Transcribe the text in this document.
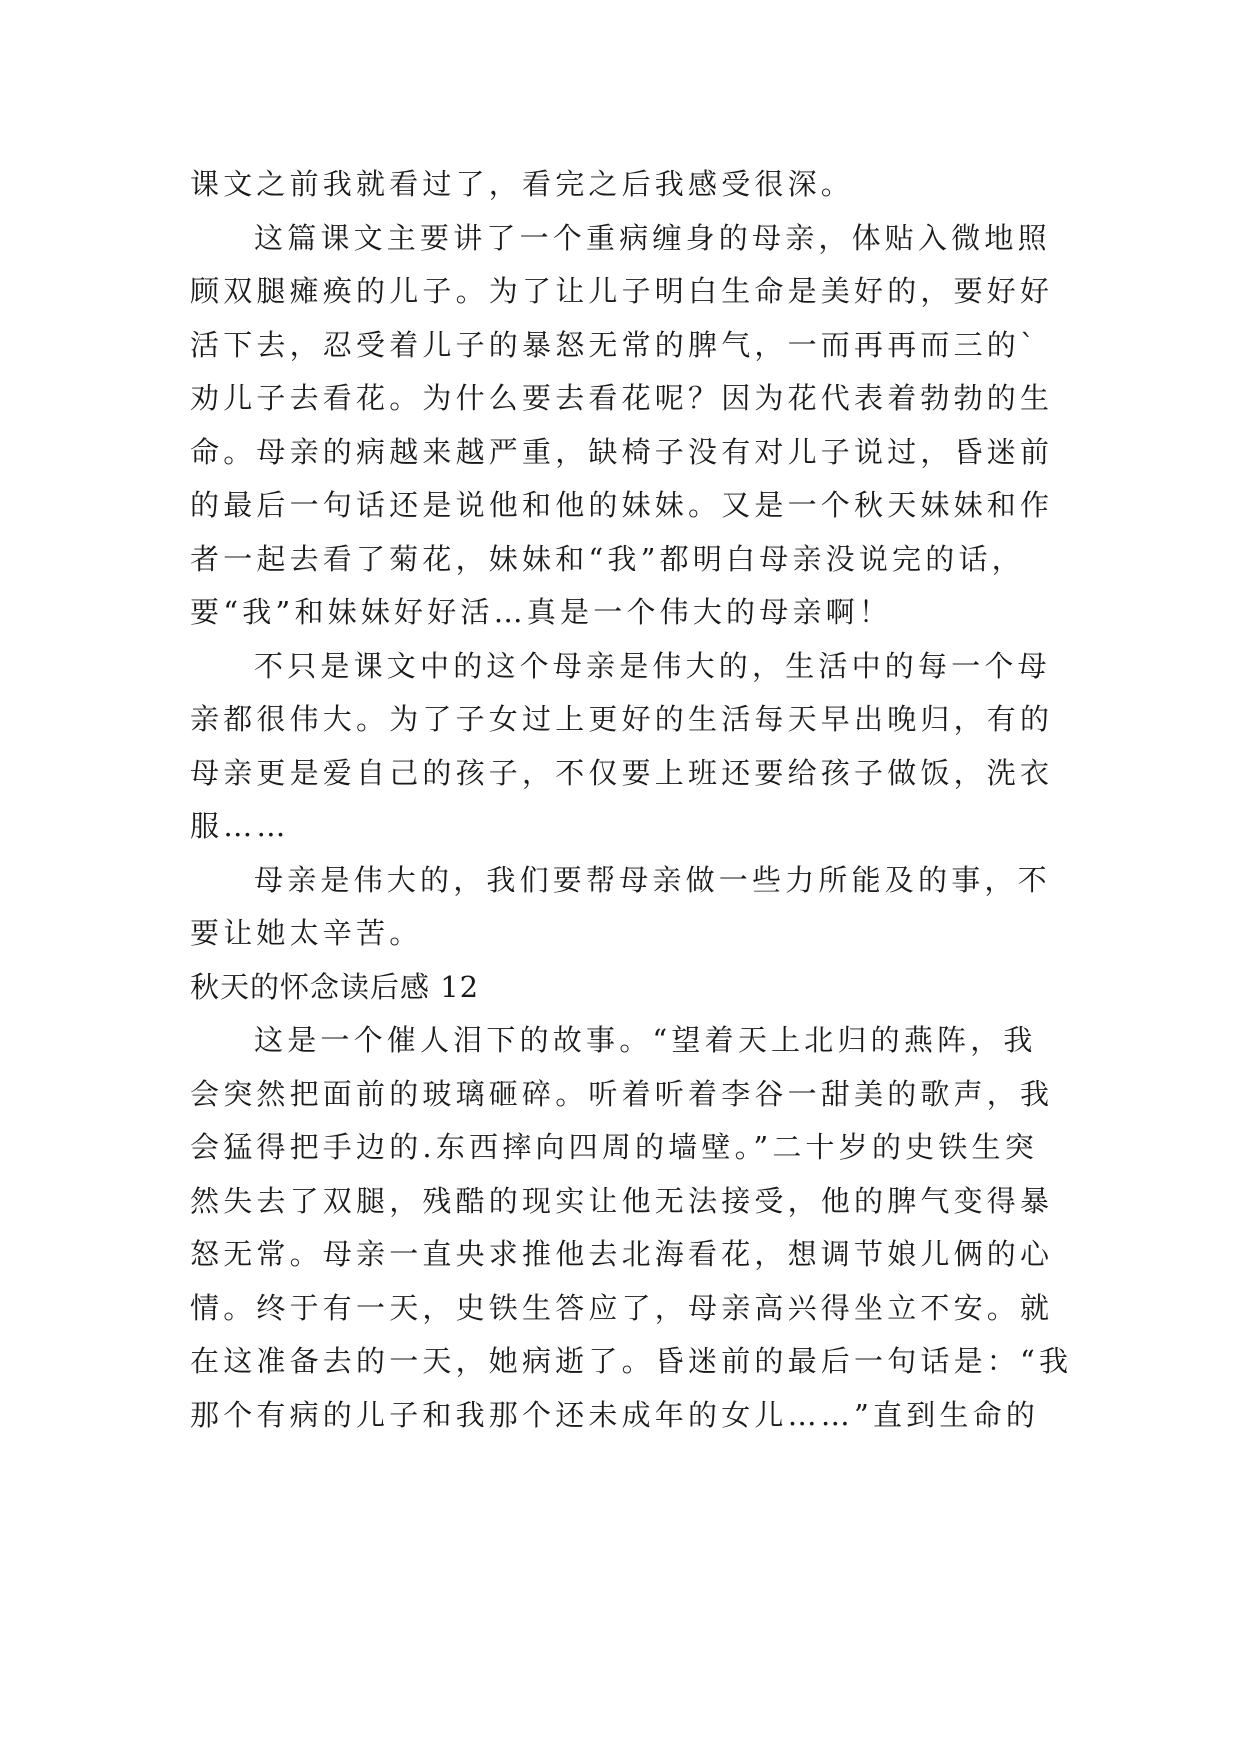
课文之前我就看过了，看完之后我感受很深。
这篇课文主要讲了一个重病缠身的母亲，体贴入微地照
顾双腿瘫痪的儿子。为了让儿子明白生命是美好的，要好好
活下去，忍受着儿子的暴怒无常的脾气，一而再再而三的`
劝儿子去看花。为什么要去看花呢？因为花代表着勃勃的生
命。母亲的病越来越严重，缺椅子没有对儿子说过，昏迷前
的最后一句话还是说他和他的妹妹。又是一个秋天妹妹和作
者一起去看了菊花，妹妹和“我”都明白母亲没说完的话，
要“我”和妹妹好好活…真是一个伟大的母亲啊！
不只是课文中的这个母亲是伟大的，生活中的每一个母
亲都很伟大。为了子女过上更好的生活每天早出晚归，有的
母亲更是爱自己的孩子，不仅要上班还要给孩子做饭，洗衣
服……
母亲是伟大的，我们要帮母亲做一些力所能及的事，不
要让她太辛苦。
秋天的怀念读后感 12
这是一个催人泪下的故事。“望着天上北归的燕阵，我
会突然把面前的玻璃砸碎。听着听着李谷一甜美的歌声，我
会猛得把手边的.东西摔向四周的墙壁。”二十岁的史铁生突
然失去了双腿，残酷的现实让他无法接受，他的脾气变得暴
怒无常。母亲一直央求推他去北海看花，想调节娘儿俩的心
情。终于有一天，史铁生答应了，母亲高兴得坐立不安。就
在这准备去的一天，她病逝了。昏迷前的最后一句话是：“我
那个有病的儿子和我那个还未成年的女儿……”直到生命的
